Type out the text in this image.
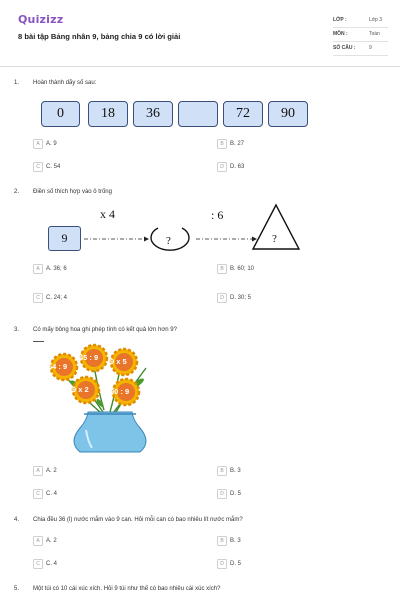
Quizizz
8 bài tập Bảng nhân 9, bảng chia 9 có lời giải
LỚP :	Lớp 3
MÔN :	Toán
SỐ CÂU :	9
1. Hoàn thành dãy số sau:
0	18	36	72	90
A	A. 9	B	B. 27
C	C. 54	D	D. 63
2. Điền số thích hợp vào ô trống
9
x 4	: 6
?	?
A	A. 36; 6	B	B. 60; 10
C	C. 24; 4	D	D. 30; 5
3. Có mấy bông hoa ghi phép tính có kết quả lớn hơn 9?
54 : 9
45 : 9 9 x 5
9 x 2	90 : 9
A	A. 2	B	B. 3
C	C. 4	D	D. 5
4. Chia đều 36 (l) nước mắm vào 9 can. Hỏi mỗi can có bao nhiêu lít nước mắm?
A	A. 2	B	B. 3
C	C. 4	D	D. 5
5. Một túi có 10 cái xúc xích. Hỏi 9 túi như thế có bao nhiêu cái xúc xích?
